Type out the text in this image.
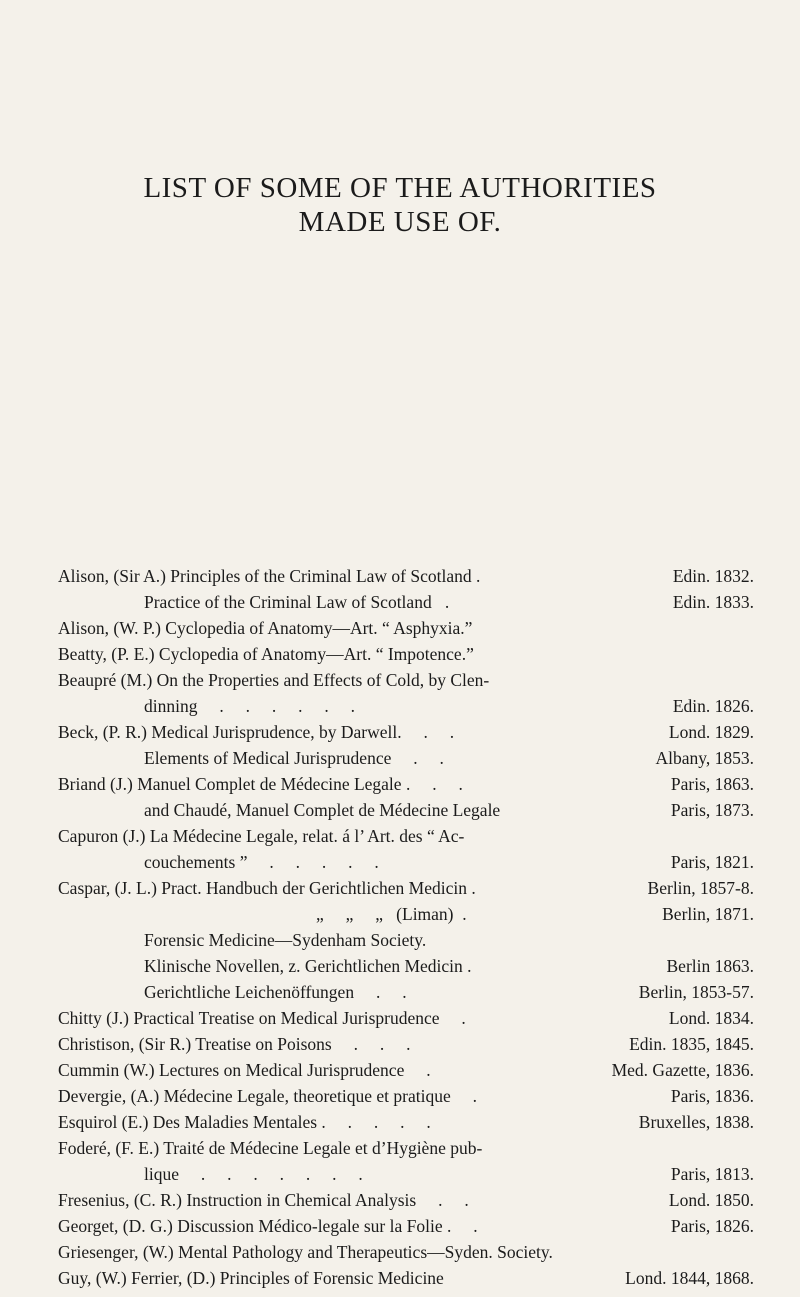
LIST OF SOME OF THE AUTHORITIES
MADE USE OF.
Alison, (Sir A.) Principles of the Criminal Law of Scotland .	Edin. 1832.
Practice of the Criminal Law of Scotland   .	Edin. 1833.
Alison, (W. P.) Cyclopedia of Anatomy—Art. “ Asphyxia.”
Beatty, (P. E.) Cyclopedia of Anatomy—Art. “ Impotence.”
Beaupré (M.) On the Properties and Effects of Cold, by Clen-
dinning     .     .     .     .     .     .	Edin. 1826.
Beck, (P. R.) Medical Jurisprudence, by Darwell.     .     .	Lond. 1829.
Elements of Medical Jurisprudence     .     .	Albany, 1853.
Briand (J.) Manuel Complet de Médecine Legale .     .     .	Paris, 1863.
and Chaudé, Manuel Complet de Médecine Legale	Paris, 1873.
Capuron (J.) La Médecine Legale, relat. á l’ Art. des “ Ac-
couchements ”     .     .     .     .     .	Paris, 1821.
Caspar, (J. L.) Pract. Handbuch der Gerichtlichen Medicin .	Berlin, 1857-8.
„     „     „   (Liman)  .	Berlin, 1871.
Forensic Medicine—Sydenham Society.
Klinische Novellen, z. Gerichtlichen Medicin .	Berlin 1863.
Gerichtliche Leichenöffungen     .     .	Berlin, 1853-57.
Chitty (J.) Practical Treatise on Medical Jurisprudence     .	Lond. 1834.
Christison, (Sir R.) Treatise on Poisons     .     .     .	Edin. 1835, 1845.
Cummin (W.) Lectures on Medical Jurisprudence     .	Med. Gazette, 1836.
Devergie, (A.) Médecine Legale, theoretique et pratique     .	Paris, 1836.
Esquirol (E.) Des Maladies Mentales .     .     .     .     .	Bruxelles, 1838.
Foderé, (F. E.) Traité de Médecine Legale et d’Hygiène pub-
lique     .     .     .     .     .     .     .	Paris, 1813.
Fresenius, (C. R.) Instruction in Chemical Analysis     .     .	Lond. 1850.
Georget, (D. G.) Discussion Médico-legale sur la Folie .     .	Paris, 1826.
Griesenger, (W.) Mental Pathology and Therapeutics—Syden. Society.
Guy, (W.) Ferrier, (D.) Principles of Forensic Medicine	Lond. 1844, 1868.
